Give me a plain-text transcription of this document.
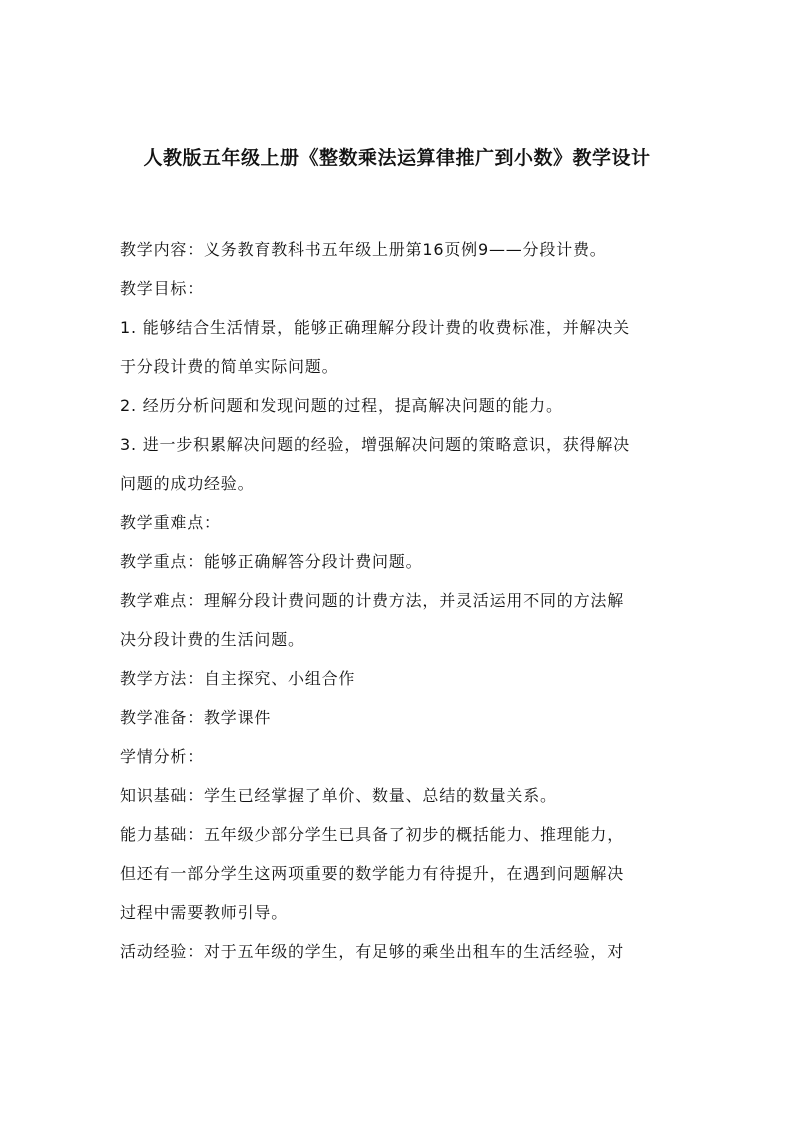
人教版五年级上册《整数乘法运算律推广到小数》教学设计
教学内容：义务教育教科书五年级上册第16页例9——分段计费。
教学目标：
1. 能够结合生活情景，能够正确理解分段计费的收费标准，并解决关
于分段计费的简单实际问题。
2. 经历分析问题和发现问题的过程，提高解决问题的能力。
3. 进一步积累解决问题的经验，增强解决问题的策略意识，获得解决
问题的成功经验。
教学重难点：
教学重点：能够正确解答分段计费问题。
教学难点：理解分段计费问题的计费方法，并灵活运用不同的方法解
决分段计费的生活问题。
教学方法：自主探究、小组合作
教学准备：教学课件
学情分析：
知识基础：学生已经掌握了单价、数量、总结的数量关系。
能力基础：五年级少部分学生已具备了初步的概括能力、推理能力，
但还有一部分学生这两项重要的数学能力有待提升，在遇到问题解决
过程中需要教师引导。
活动经验：对于五年级的学生，有足够的乘坐出租车的生活经验，对
